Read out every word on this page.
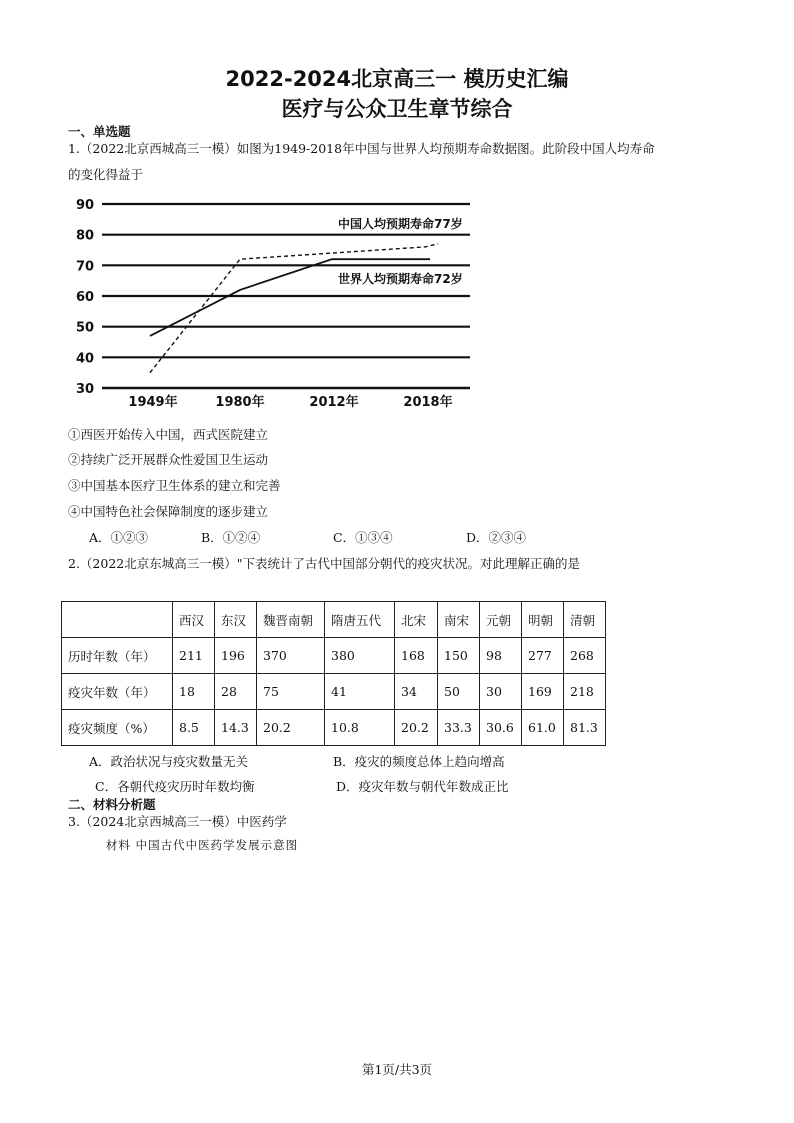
2022-2024北京高三一 模历史汇编
医疗与公众卫生章节综合
一、单选题
1.（2022北京西城高三一模）如图为1949-2018年中国与世界人均预期寿命数据图。此阶段中国人均寿命
的变化得益于
90
80
70
60
50
40
30
1949年	1980年	2012年	2018年
中国人均预期寿命77岁
世界人均预期寿命72岁
①西医开始传入中国，西式医院建立
②持续广泛开展群众性爱国卫生运动
③中国基本医疗卫生体系的建立和完善
④中国特色社会保障制度的逐步建立
A．①②③	B．①②④	C．①③④	D．②③④
2.（2022北京东城高三一模）"下表统计了古代中国部分朝代的疫灾状况。对此理解正确的是
	西汉	东汉	魏晋南朝	隋唐五代	北宋	南宋	元朝	明朝	清朝
历时年数（年）	211	196	370	380	168	150	98	277	268
疫灾年数（年）	18	28	75	41	34	50	30	169	218
疫灾频度（%）	8.5	14.3	20.2	10.8	20.2	33.3	30.6	61.0	81.3
A．政治状况与疫灾数量无关	B．疫灾的频度总体上趋向增高
C．各朝代疫灾历时年数均衡	D．疫灾年数与朝代年数成正比
二、材料分析题
3.（2024北京西城高三一模）中医药学
材料 中国古代中医药学发展示意图
第1页/共3页
